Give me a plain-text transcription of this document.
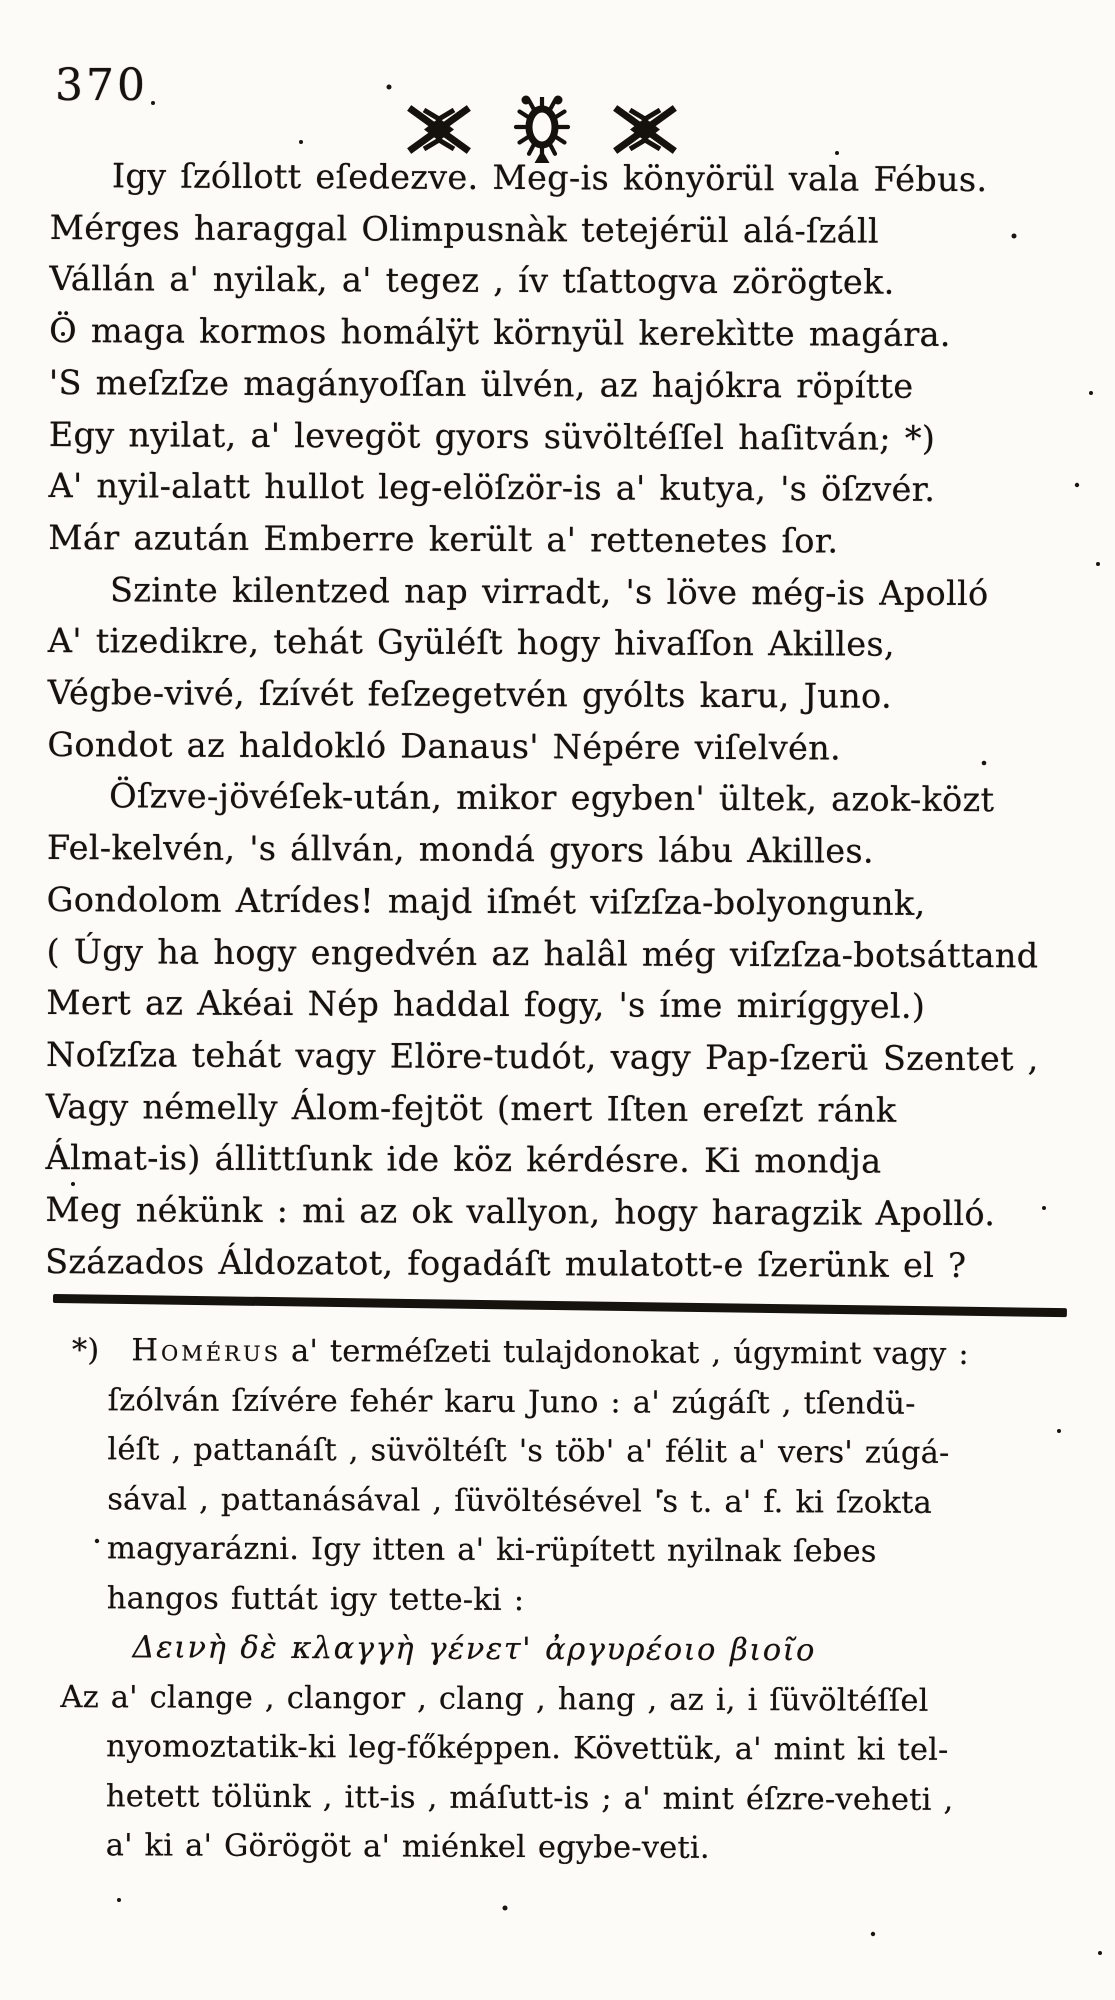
370
Igy ſzóllott eſedezve. Meg-is könyörül vala Fébus.
Mérges haraggal Olimpusnàk tetejérül alá-ſzáll
Vállán a' nyilak, a' tegez , ív tſattogva zörögtek.
Ö maga kormos homálÿt környül kerekìtte magára.
'S meſzſze magányoſſan ülvén, az hajókra röpítte
Egy nyilat, a' levegöt gyors süvöltéſſel haſitván; *)
A' nyil-alatt hullot leg-elöſzör-is a' kutya, 's öſzvér.
Már azután Emberre került a' rettenetes ſor.
Szinte kilentzed nap virradt, 's löve még-is Apolló
A' tizedikre, tehát Gyüléſt hogy hivaſſon Akilles,
Végbe-vivé, ſzívét feſzegetvén gyólts karu, Juno.
Gondot az haldokló Danaus' Népére viſelvén.
Öſzve-jövéſek-után, mikor egyben' ültek, azok-közt
Fel-kelvén, 's állván, mondá gyors lábu Akilles.
Gondolom Atrídes! majd iſmét viſzſza-bolyongunk,
( Úgy ha hogy engedvén az halâl még viſzſza-botsáttand
Mert az Akéai Nép haddal fogy, 's íme miríggyel.)
Noſzſza tehát vagy Elöre-tudót, vagy Pap-ſzerü Szentet ,
Vagy némelly Álom-fejtöt (mert Iſten ereſzt ránk
Álmat-is) állittſunk ide köz kérdésre. Ki mondja
Meg nékünk : mi az ok vallyon, hogy haragzik Apolló.
Százados Áldozatot, fogadáſt mulatott-e ſzerünk el ?
*) Homérus a' terméſzeti tulajdonokat , úgymint vagy :
ſzólván ſzívére fehér karu Juno : a' zúgáſt , tſendü-
léſt , pattanáſt , süvöltéſt 's töb' a' félit a' vers' zúgá-
sával , pattanásával , ſüvöltésével 's t. a' f. ki ſzokta
magyarázni. Igy itten a' ki-rüpített nyilnak ſebes
hangos futtát igy tette-ki :
Δεινὴ δὲ κλαγγὴ γένετ' ἀργυρέοιο βιοῖο
Az a' clange , clangor , clang , hang , az i, i ſüvöltéſſel
nyomoztatik-ki leg-főképpen. Követtük, a' mint ki tel-
hetett tölünk , itt-is , máſutt-is ; a' mint éſzre-veheti ,
a' ki a' Görögöt a' miénkel egybe-veti.
